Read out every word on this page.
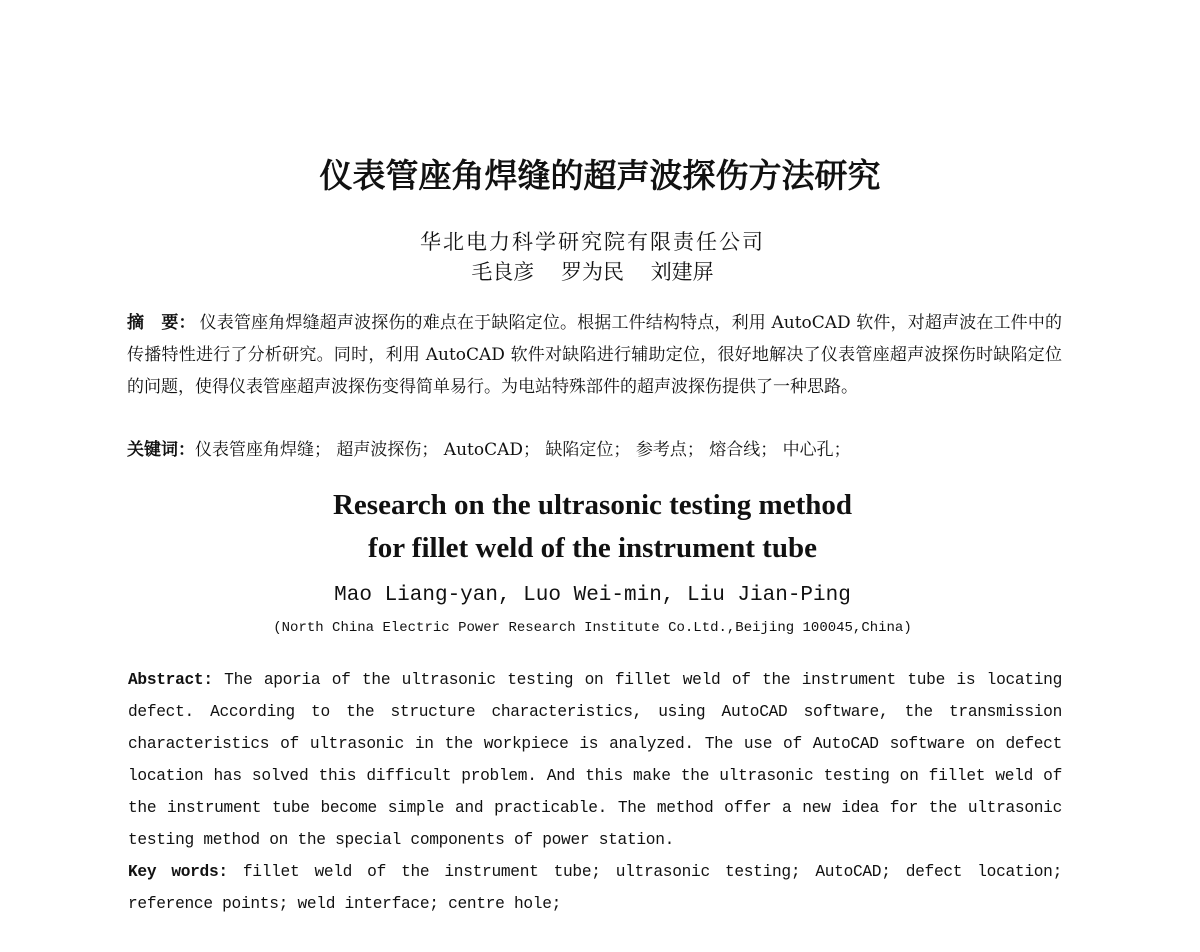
仪表管座角焊缝的超声波探伤方法研究
华北电力科学研究院有限责任公司
毛良彦 罗为民 刘建屏
摘　要： 仪表管座角焊缝超声波探伤的难点在于缺陷定位。根据工件结构特点，利用 AutoCAD 软件，对超声波在工件中的传播特性进行了分析研究。同时，利用 AutoCAD 软件对缺陷进行辅助定位，很好地解决了仪表管座超声波探伤时缺陷定位的问题，使得仪表管座超声波探伤变得简单易行。为电站特殊部件的超声波探伤提供了一种思路。
关键词：仪表管座角焊缝； 超声波探伤； AutoCAD； 缺陷定位； 参考点； 熔合线； 中心孔；
Research on the ultrasonic testing method
for fillet weld of the instrument tube
Mao Liang-yan, Luo Wei-min, Liu Jian-Ping
(North China Electric Power Research Institute Co.Ltd.,Beijing 100045,China)
Abstract: The aporia of the ultrasonic testing on fillet weld of the instrument tube is locating defect. According to the structure characteristics, using AutoCAD software, the transmission characteristics of ultrasonic in the workpiece is analyzed. The use of AutoCAD software on defect location has solved this difficult problem. And this make the ultrasonic testing on fillet weld of the instrument tube become simple and practicable. The method offer a new idea for the ultrasonic testing method on the special components of power station.
Key words: fillet weld of the instrument tube; ultrasonic testing; AutoCAD; defect location; reference points; weld interface; centre hole;
